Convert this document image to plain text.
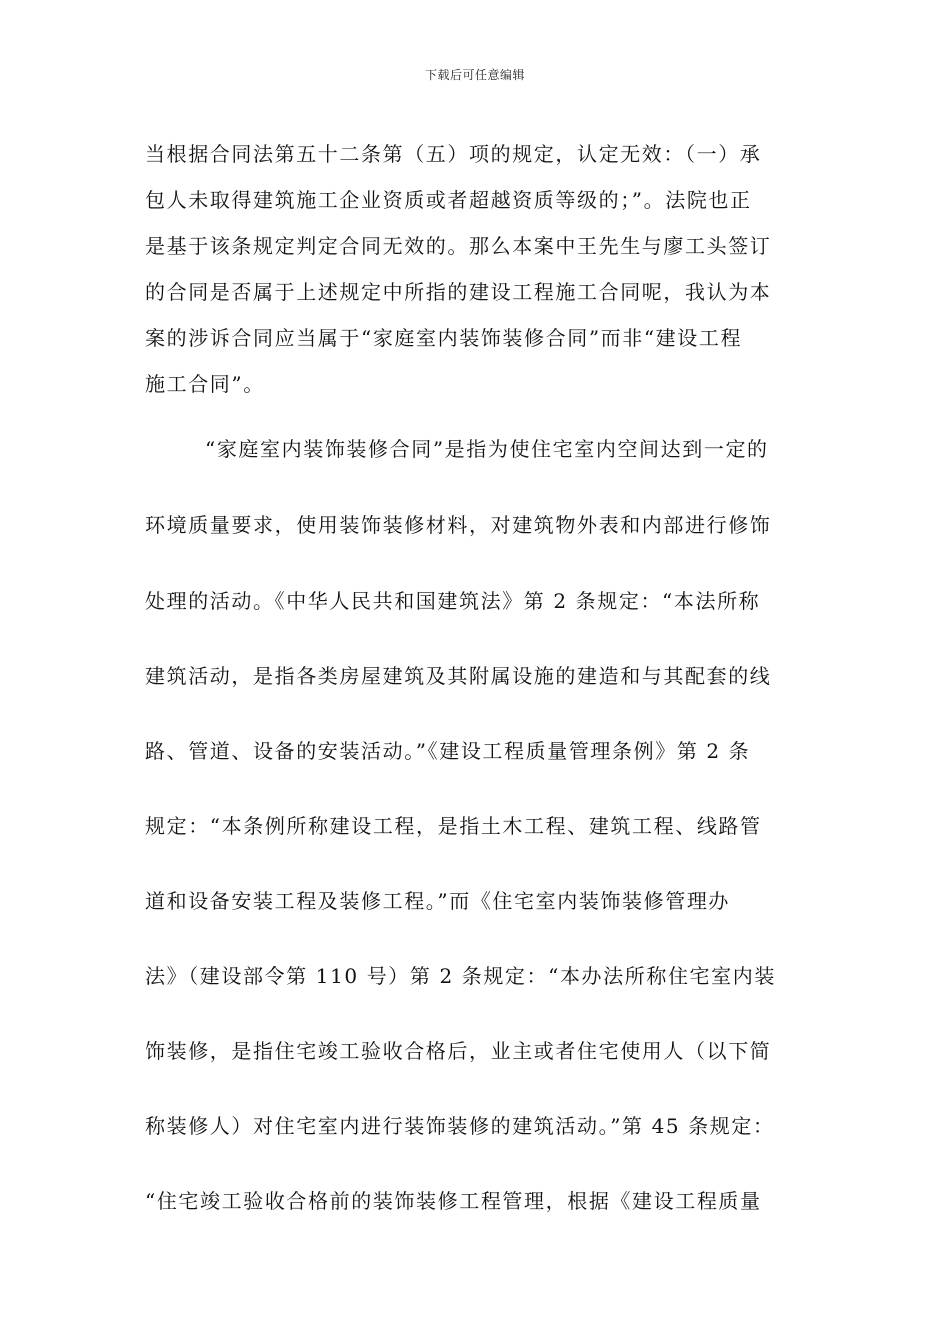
下载后可任意编辑
当根据合同法第五十二条第（五）项的规定，认定无效：（一）承
包人未取得建筑施工企业资质或者超越资质等级的；”。法院也正
是基于该条规定判定合同无效的。那么本案中王先生与廖工头签订
的合同是否属于上述规定中所指的建设工程施工合同呢，我认为本
案的涉诉合同应当属于“家庭室内装饰装修合同”而非“建设工程
施工合同”。
“家庭室内装饰装修合同”是指为使住宅室内空间达到一定的
环境质量要求，使用装饰装修材料，对建筑物外表和内部进行修饰
处理的活动。《中华人民共和国建筑法》第 2 条规定：“本法所称
建筑活动，是指各类房屋建筑及其附属设施的建造和与其配套的线
路、管道、设备的安装活动。”《建设工程质量管理条例》第 2 条
规定：“本条例所称建设工程，是指土木工程、建筑工程、线路管
道和设备安装工程及装修工程。”而《住宅室内装饰装修管理办
法》（建设部令第 110 号）第 2 条规定：“本办法所称住宅室内装
饰装修，是指住宅竣工验收合格后，业主或者住宅使用人（以下简
称装修人）对住宅室内进行装饰装修的建筑活动。”第 45 条规定：
“住宅竣工验收合格前的装饰装修工程管理，根据《建设工程质量
